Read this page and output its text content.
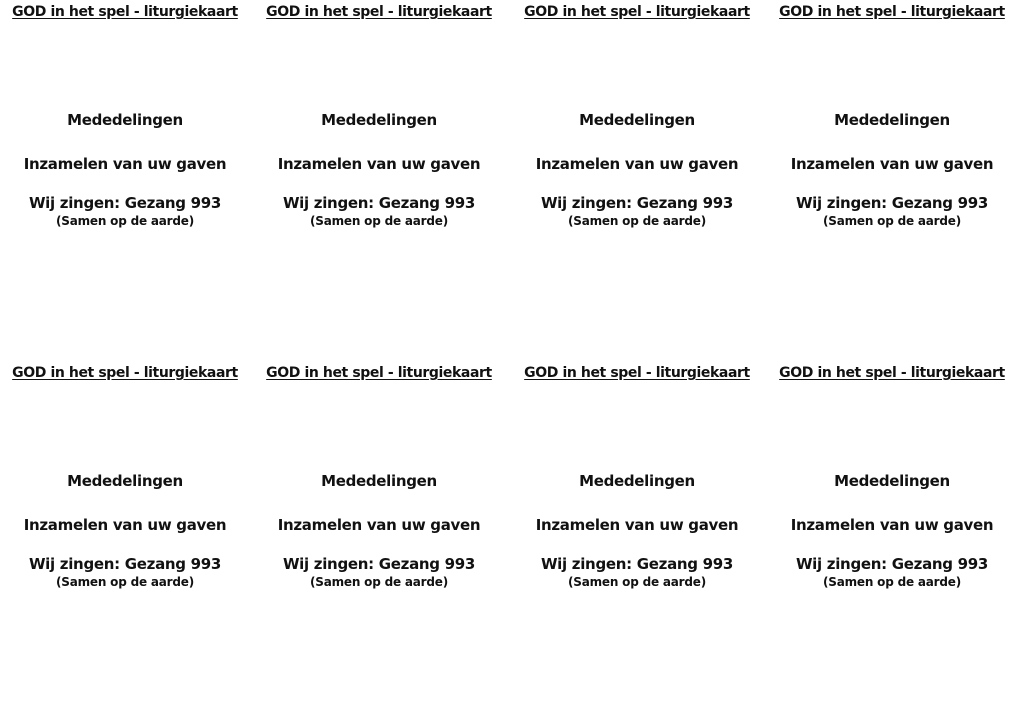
GOD in het spel - liturgiekaart
Mededelingen
Inzamelen van uw gaven
Wij zingen: Gezang 993
(Samen op de aarde)
GOD in het spel - liturgiekaart
Mededelingen
Inzamelen van uw gaven
Wij zingen: Gezang 993
(Samen op de aarde)
GOD in het spel - liturgiekaart
Mededelingen
Inzamelen van uw gaven
Wij zingen: Gezang 993
(Samen op de aarde)
GOD in het spel - liturgiekaart
Mededelingen
Inzamelen van uw gaven
Wij zingen: Gezang 993
(Samen op de aarde)
GOD in het spel - liturgiekaart
Mededelingen
Inzamelen van uw gaven
Wij zingen: Gezang 993
(Samen op de aarde)
GOD in het spel - liturgiekaart
Mededelingen
Inzamelen van uw gaven
Wij zingen: Gezang 993
(Samen op de aarde)
GOD in het spel - liturgiekaart
Mededelingen
Inzamelen van uw gaven
Wij zingen: Gezang 993
(Samen op de aarde)
GOD in het spel - liturgiekaart
Mededelingen
Inzamelen van uw gaven
Wij zingen: Gezang 993
(Samen op de aarde)
